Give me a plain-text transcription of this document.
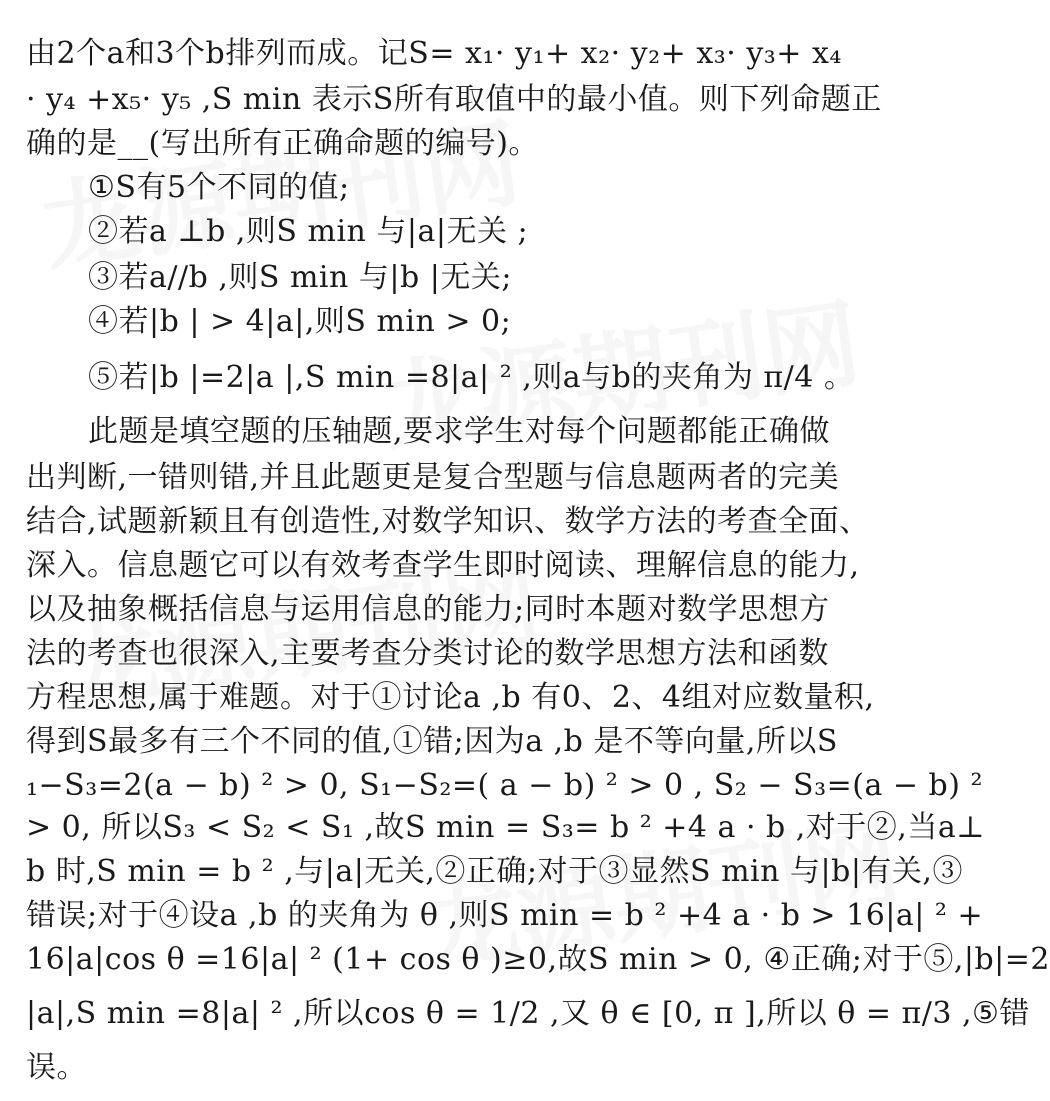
由2个a和3个b排列而成。记S= x₁· y₁+ x₂· y₂+ x₃· y₃+ x₄
· y₄ +x₅· y₅ ,S min 表示S所有取值中的最小值。则下列命题正
确的是__(写出所有正确命题的编号)。
①S有5个不同的值;
②若a ⊥b ,则S min 与|a|无关 ;
③若a//b ,则S min 与|b |无关;
④若|b | > 4|a|,则S min > 0;
⑤若|b |=2|a |,S min =8|a| ² ,则a与b的夹角为 π/4 。
此题是填空题的压轴题,要求学生对每个问题都能正确做
出判断,一错则错,并且此题更是复合型题与信息题两者的完美
结合,试题新颖且有创造性,对数学知识、数学方法的考查全面、
深入。信息题它可以有效考查学生即时阅读、理解信息的能力,
以及抽象概括信息与运用信息的能力;同时本题对数学思想方
法的考查也很深入,主要考查分类讨论的数学思想方法和函数
方程思想,属于难题。对于①讨论a ,b 有0、2、4组对应数量积,
得到S最多有三个不同的值,①错;因为a ,b 是不等向量,所以S
₁−S₃=2(a − b) ² > 0, S₁−S₂=( a − b) ² > 0 , S₂ − S₃=(a − b) ²
> 0, 所以S₃ < S₂ < S₁ ,故S min = S₃= b ² +4 a · b ,对于②,当a⊥
b 时,S min = b ² ,与|a|无关,②正确;对于③显然S min 与|b|有关,③
错误;对于④设a ,b 的夹角为 θ ,则S min = b ² +4 a · b > 16|a| ² +
16|a|cos θ =16|a| ² (1+ cos θ )≥0,故S min > 0, ④正确;对于⑤,|b|=2
|a|,S min =8|a| ² ,所以cos θ = 1/2 ,又 θ ∈ [0, π ],所以 θ = π/3 ,⑤错
误。
